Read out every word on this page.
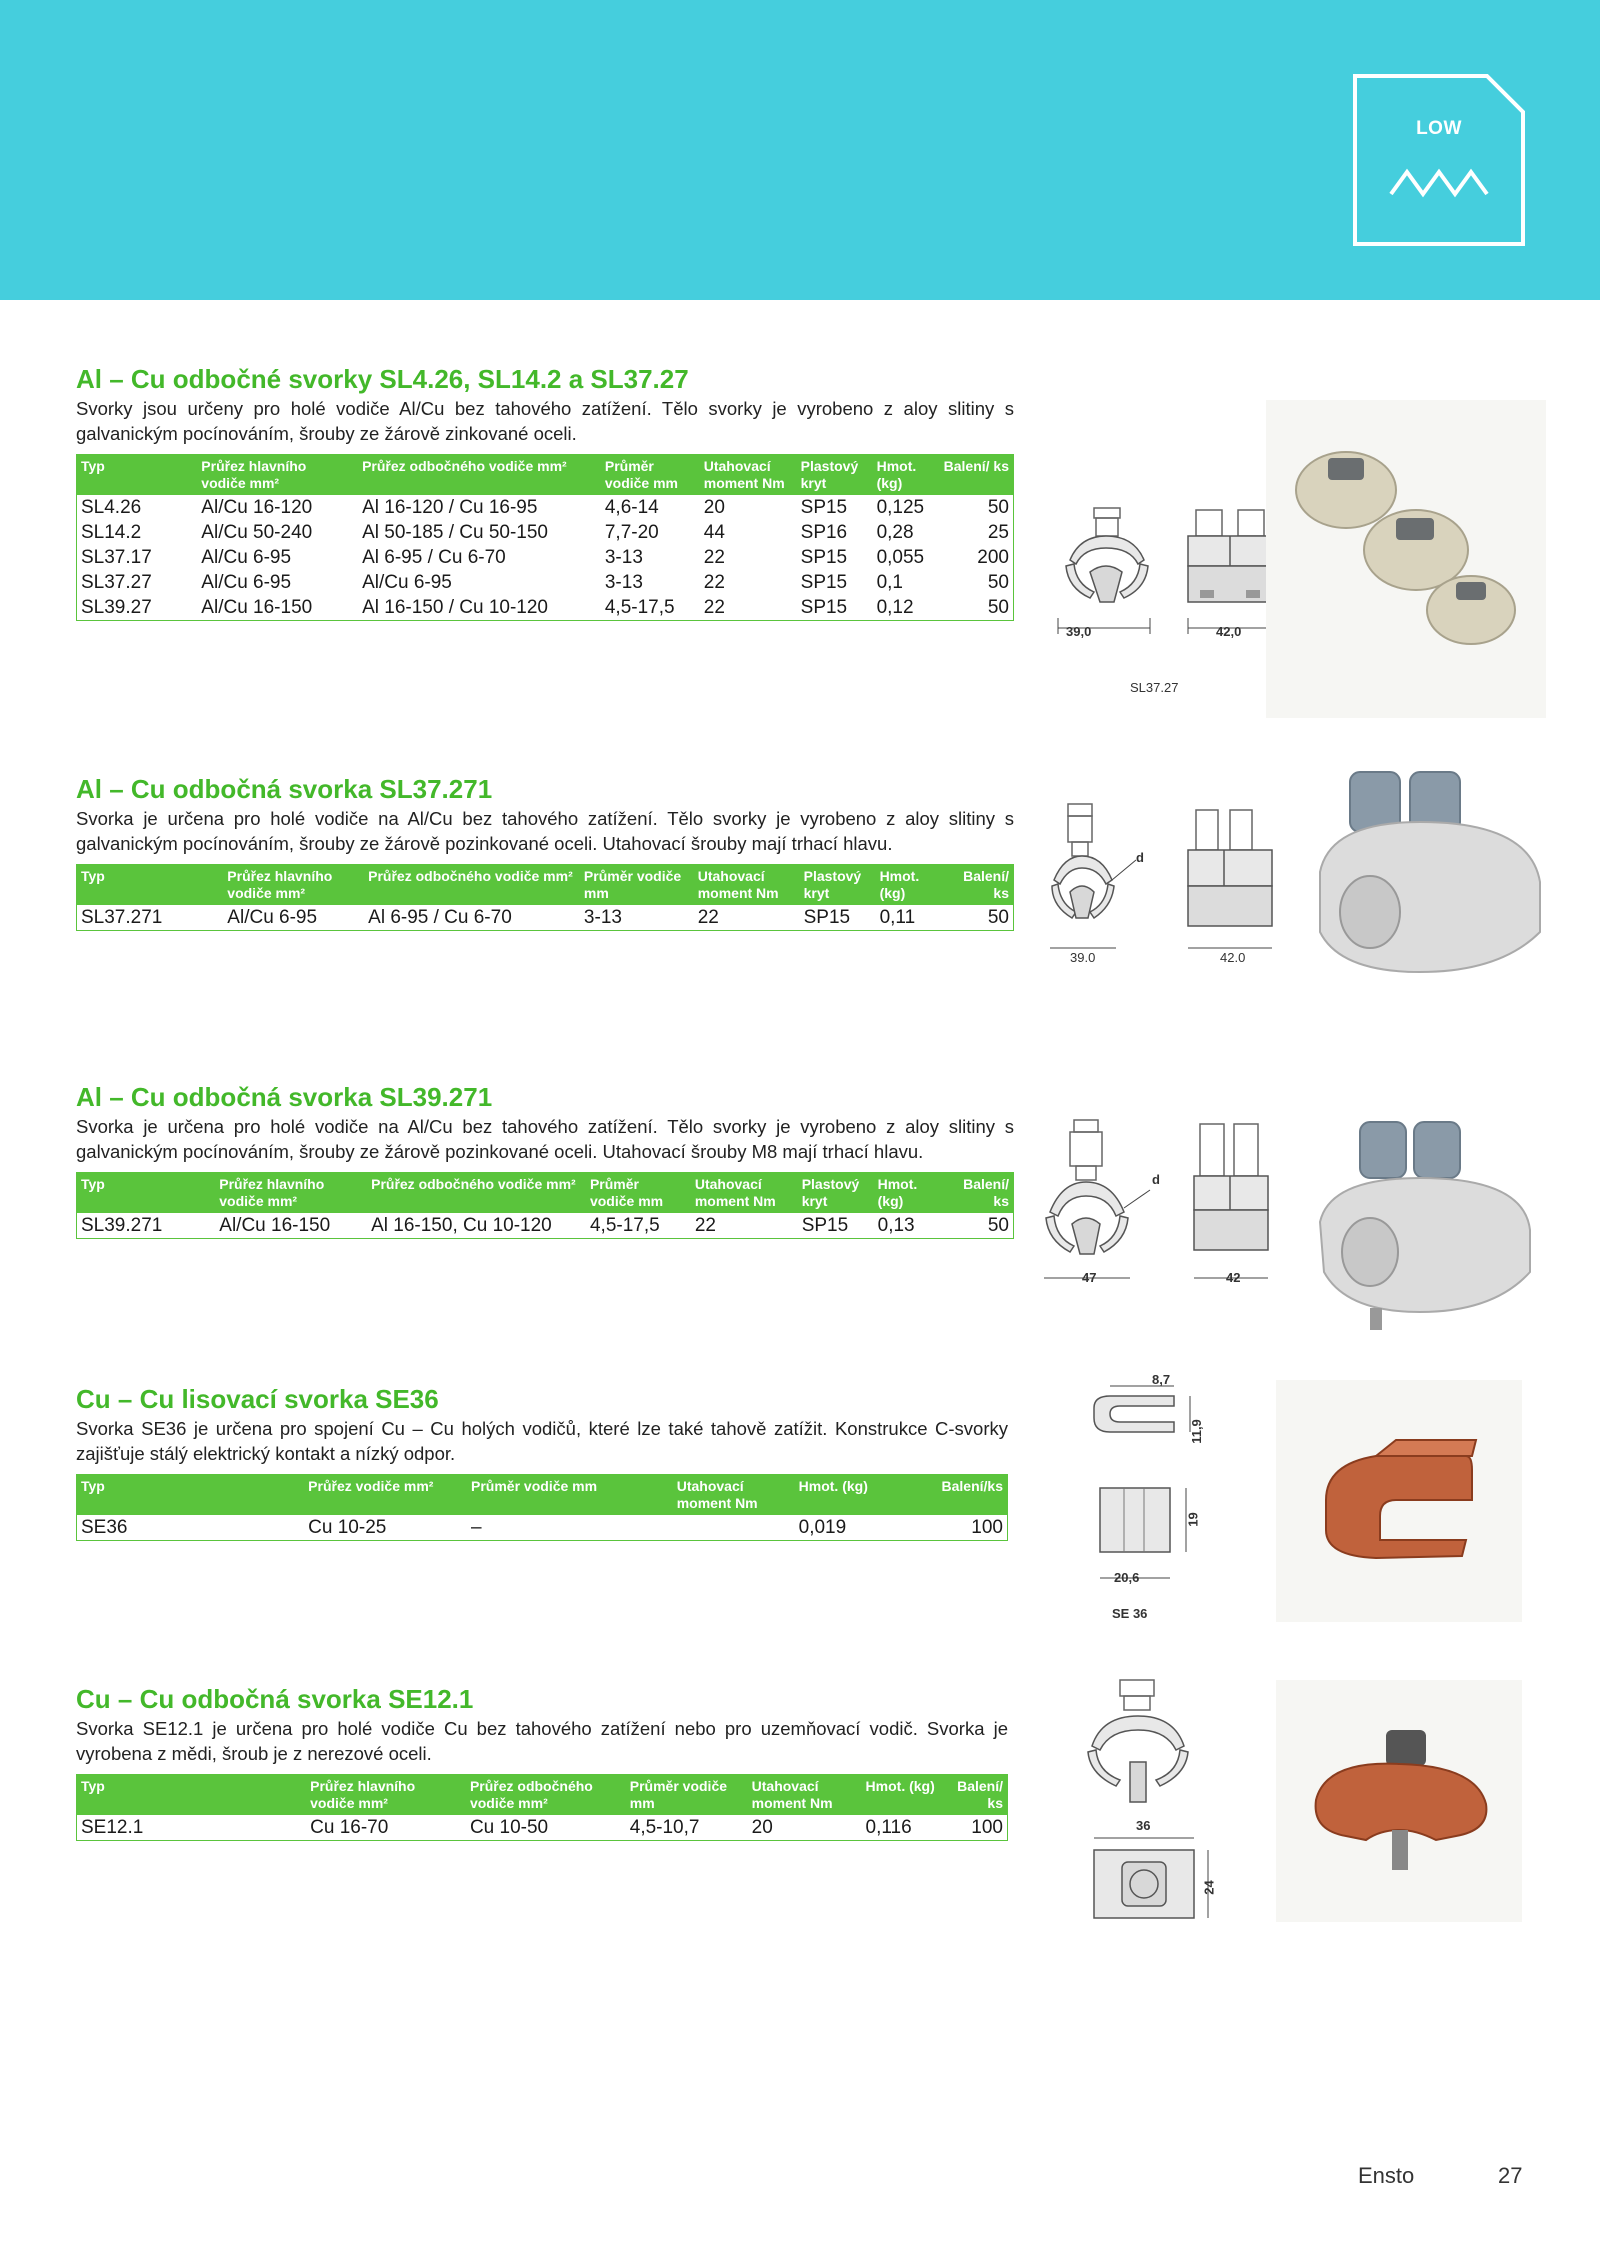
LOW
Al – Cu odbočné svorky SL4.26, SL14.2 a SL37.27
Svorky jsou určeny pro holé vodiče Al/Cu bez tahového zatížení. Tělo svorky je vyrobeno z aloy slitiny s galvanickým pocínováním, šrouby ze žárově zinkované oceli.
Typ	Průřez hlavního vodiče mm²	Průřez odbočného vodiče mm²	Průměr vodiče mm	Utahovací moment Nm	Plastový kryt	Hmot. (kg)	Balení/ ks
SL4.26	Al/Cu 16-120	Al 16-120 / Cu 16-95	4,6-14	20	SP15	0,125	50
SL14.2	Al/Cu 50-240	Al 50-185 / Cu 50-150	7,7-20	44	SP16	0,28	25
SL37.17	Al/Cu 6-95	Al 6-95 / Cu 6-70	3-13	22	SP15	0,055	200
SL37.27	Al/Cu 6-95	Al/Cu 6-95	3-13	22	SP15	0,1	50
SL39.27	Al/Cu 16-150	Al 16-150 / Cu 10-120	4,5-17,5	22	SP15	0,12	50
39,0	42,0
SL37.27
Al – Cu odbočná svorka SL37.271
Svorka je určena pro holé vodiče na Al/Cu bez tahového zatížení. Tělo svorky je vyrobeno z aloy slitiny s galvanickým pocínováním, šrouby ze žárově pozinkované oceli. Utahovací šrouby mají trhací hlavu.
Typ	Průřez hlavního vodiče mm²	Průřez odbočného vodiče mm²	Průměr vodiče mm	Utahovací moment Nm	Plastový kryt	Hmot. (kg)	Balení/ ks
SL37.271	Al/Cu 6-95	Al 6-95 / Cu 6-70	3-13	22	SP15	0,11	50
d
39.0	42.0
Al – Cu odbočná svorka SL39.271
Svorka je určena pro holé vodiče na Al/Cu bez tahového zatížení. Tělo svorky je vyrobeno z aloy slitiny s galvanickým pocínováním, šrouby ze žárově pozinkované oceli. Utahovací šrouby M8 mají trhací hlavu.
Typ	Průřez hlavního vodiče mm²	Průřez odbočného vodiče mm²	Průměr vodiče mm	Utahovací moment Nm	Plastový kryt	Hmot. (kg)	Balení/ ks
SL39.271	Al/Cu 16-150	Al 16-150, Cu 10-120	4,5-17,5	22	SP15	0,13	50
d
47	42
Cu – Cu lisovací svorka SE36
Svorka SE36 je určena pro spojení Cu – Cu holých vodičů, které lze také tahově zatížit. Konstrukce C-svorky zajišťuje stálý elektrický kontakt a nízký odpor.
Typ	Průřez vodiče mm²	Průměr vodiče mm	Utahovací moment Nm	Hmot. (kg)	Balení/ks
SE36	Cu 10-25	–		0,019	100
8,7
11,9
19
20,6
SE 36
Cu – Cu odbočná svorka SE12.1
Svorka SE12.1 je určena pro holé vodiče Cu bez tahového zatížení nebo pro uzemňovací vodič. Svorka je vyrobena z mědi, šroub je z nerezové oceli.
Typ	Průřez hlavního vodiče mm²	Průřez odbočného vodiče mm²	Průměr vodiče mm	Utahovací moment Nm	Hmot. (kg)	Balení/ ks
SE12.1	Cu 16-70	Cu 10-50	4,5-10,7	20	0,116	100	36
24
Ensto	27
